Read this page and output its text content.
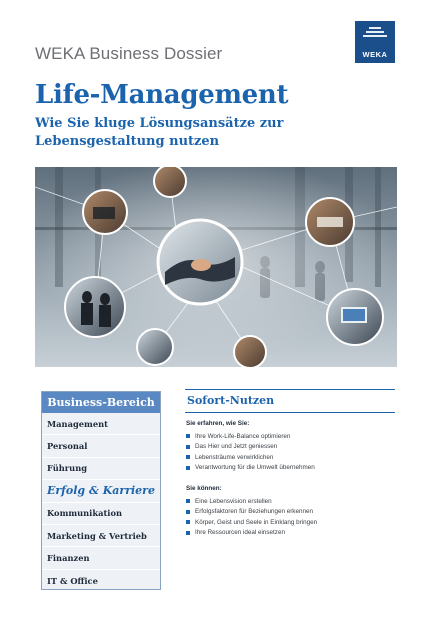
WEKA Business Dossier	WEKA
Life-Management
Wie Sie kluge Lösungsansätze zur Lebensgestaltung nutzen
Business-Bereich
Management
Personal
Führung
Erfolg & Karriere
Kommunikation
Marketing & Vertrieb
Finanzen
IT & Office
Sofort-Nutzen
Sie erfahren, wie Sie:
Ihre Work-Life-Balance optimieren
Das Hier und Jetzt geniessen
Lebensträume verwirklichen
Verantwortung für die Umwelt übernehmen
Sie können:
Eine Lebensvision erstellen
Erfolgsfaktoren für Beziehungen erkennen
Körper, Geist und Seele in Einklang bringen
Ihre Ressourcen ideal einsetzen
